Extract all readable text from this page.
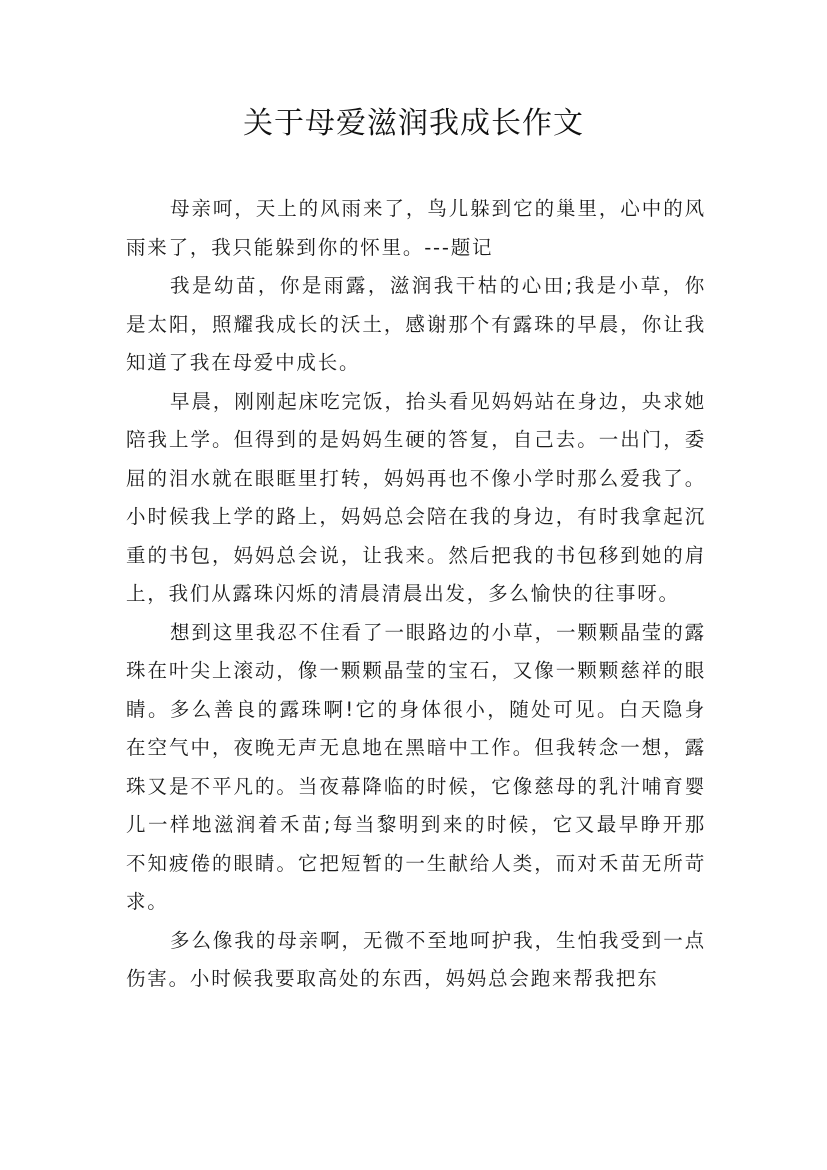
关于母爱滋润我成长作文

母亲呵，天上的风雨来了，鸟儿躲到它的巢里，心中的风雨来了，我只能躲到你的怀里。---题记

我是幼苗，你是雨露，滋润我干枯的心田;我是小草，你是太阳，照耀我成长的沃土，感谢那个有露珠的早晨，你让我知道了我在母爱中成长。

早晨，刚刚起床吃完饭，抬头看见妈妈站在身边，央求她陪我上学。但得到的是妈妈生硬的答复，自己去。一出门，委屈的泪水就在眼眶里打转，妈妈再也不像小学时那么爱我了。小时候我上学的路上，妈妈总会陪在我的身边，有时我拿起沉重的书包，妈妈总会说，让我来。然后把我的书包移到她的肩上，我们从露珠闪烁的清晨清晨出发，多么愉快的往事呀。

想到这里我忍不住看了一眼路边的小草，一颗颗晶莹的露珠在叶尖上滚动，像一颗颗晶莹的宝石，又像一颗颗慈祥的眼睛。多么善良的露珠啊!它的身体很小，随处可见。白天隐身在空气中，夜晚无声无息地在黑暗中工作。但我转念一想，露珠又是不平凡的。当夜幕降临的时候，它像慈母的乳汁哺育婴儿一样地滋润着禾苗;每当黎明到来的时候，它又最早睁开那不知疲倦的眼睛。它把短暂的一生献给人类，而对禾苗无所苛求。

多么像我的母亲啊，无微不至地呵护我，生怕我受到一点伤害。小时候我要取高处的东西，妈妈总会跑来帮我把东
